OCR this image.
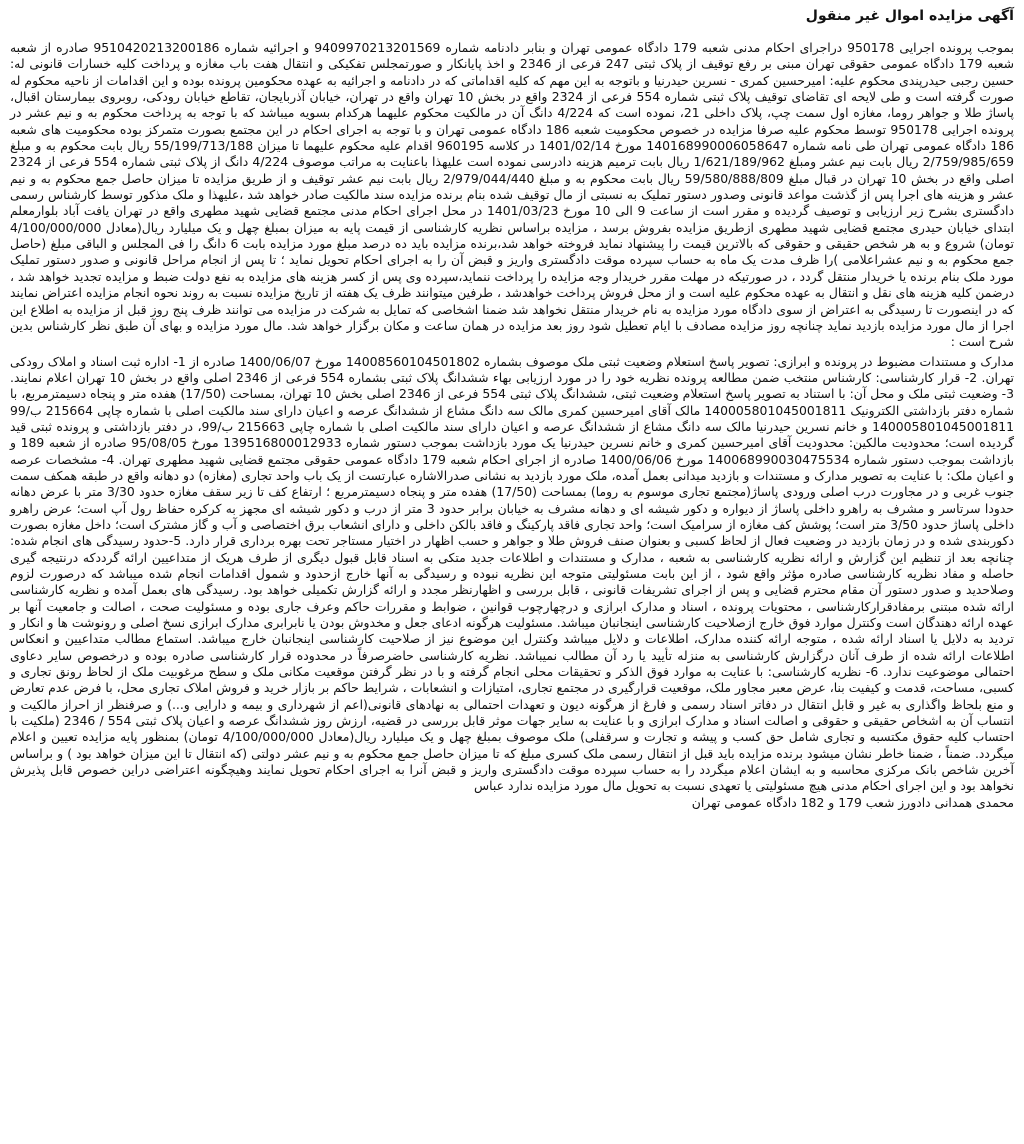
آگهی مزایده اموال غیر منقول

بموجب پرونده اجرایی 950178 دراجرای احکام مدنی شعبه 179 دادگاه عمومی تهران و بنابر دادنامه شماره 9409970213201569 و اجرائیه شماره 9510420213200186 صادره از شعبه شعبه 179 دادگاه عمومی حقوقی تهران مبنی بر رفع توقیف از پلاک ثبتی 247 فرعی از 2346 و اخذ پایانکار و صورتمجلس تفکیکی و انتقال هفت باب مغازه و پرداخت کلیه خسارات قانونی له: حسین رجبی حیدرپندی محکوم علیه: امیرحسین کمری - نسرین حیدرنیا و باتوجه به این مهم که کلیه اقداماتی که در دادنامه و اجرائیه به عهده محکومین پرونده بوده و این اقدامات از ناحیه محکوم له صورت گرفته است و طی لایحه ای تقاضای توقیف پلاک ثبتی شماره 554 فرعی از 2324 واقع در بخش 10 تهران واقع در تهران، خیابان آذربایجان، تقاطع خیابان رودکی، روبروی بیمارستان اقبال، پاساژ طلا و جواهر روما، مغازه اول سمت چپ، پلاک داخلی 21، نموده است که 4/224 دانگ آن در مالکیت محکوم علیهما هرکدام بسویه میباشد که با توجه به پرداخت محکوم به و نیم عشر در پرونده اجرایی 950178 توسط محکوم علیه صرفا مزایده در خصوص محکومیت شعبه 186 دادگاه عمومی تهران و با توجه به اجرای احکام در این مجتمع بصورت متمرکز بوده محکومیت های شعبه 186 دادگاه عمومی تهران طی نامه شماره 140168990006058647 مورخ 1401/02/14 در کلاسه 960195 اقدام علیه محکوم علیهما تا میزان 55/199/713/188 ریال بابت محکوم به و مبلغ 2/759/985/659 ریال بابت نیم عشر ومبلغ 1/621/189/962 ریال بابت ترمیم هزینه دادرسی نموده است علیهذا باعنایت به مراتب موصوف 4/224 دانگ از پلاک ثبتی شماره 554 فرعی از 2324 اصلی واقع در بخش 10 تهران در قبال مبلغ 59/580/888/809 ریال بابت محکوم به و مبلغ 2/979/044/440 ریال بابت نیم عشر توقیف و از طریق مزایده تا میزان حاصل جمع محکوم به و نیم عشر و هزینه های اجرا پس از گذشت مواعد قانونی وصدور دستور تملیک به نسبتی از مال توقیف شده بنام برنده مزایده سند مالکیت صادر خواهد شد ،علیهذا و ملک مذکور توسط کارشناس رسمی دادگستری بشرح زیر ارزیابی و توصیف گردیده و مقرر است از ساعت 9 الی 10 مورخ 1401/03/23 در محل اجرای احکام مدنی مجتمع قضایی شهید مطهری واقع در تهران یافت آباد بلوارمعلم ابتدای خیابان حیدری مجتمع قضایی شهید مطهری ازطریق مزایده بفروش برسد ، مزایده براساس نظریه کارشناسی از قیمت پایه به میزان بمبلغ چهل و یک میلیارد ریال(معادل 4/100/000/000 تومان) شروع و به هر شخص حقیقی و حقوقی که بالاترین قیمت را پیشنهاد نماید فروخته خواهد شد،برنده مزایده باید ده درصد مبلغ مورد مزایده بابت 6 دانگ را فی المجلس و الباقی مبلغ (حاصل جمع محکوم به و نیم عشراعلامی )را ظرف مدت یک ماه به حساب سپرده موقت دادگستری واریز و قبض آن را به اجرای احکام تحویل نماید ؛ تا پس از انجام مراحل قانونی و صدور دستور تملیک مورد ملک بنام برنده یا خریدار منتقل گردد ، در صورتیکه در مهلت مقرر خریدار وجه مزایده را پرداخت ننماید،سپرده وی پس از کسر هزینه های مزایده به نفع دولت ضبط و مزایده تجدید خواهد شد ، درضمن کلیه هزینه های نقل و انتقال به عهده محکوم علیه است و از محل فروش پرداخت خواهدشد ، طرفین میتوانند ظرف یک هفته از تاریخ مزایده نسبت به روند نحوه انجام مزایده اعتراض نمایند که در اینصورت تا رسیدگی به اعتراض از سوی دادگاه مورد مزایده به نام خریدار منتقل نخواهد شد ضمنا اشخاصی که تمایل به شرکت در مزایده می توانند ظرف پنج روز قبل از مزایده به اطلاع این اجرا از مال مورد مزایده بازدید نماید چنانچه روز مزایده مصادف با ایام تعطیل شود روز بعد مزایده در همان ساعت و مکان برگزار خواهد شد. مال مورد مزایده و بهای آن طبق نظر کارشناس بدین شرح است :

مدارک و مستندات مضبوط در پرونده و ابرازی: تصویر پاسخ استعلام وضعیت ثبتی ملک موصوف بشماره 14008560104501802 مورخ 1400/06/07 صادره از 1- اداره ثبت اسناد و املاک رودکی تهران. 2- قرار کارشناسی: کارشناس منتخب ضمن مطالعه پرونده نظریه خود را در مورد ارزیابی بهاء ششدانگ پلاک ثبتی بشماره 554 فرعی از 2346 اصلی واقع در بخش 10 تهران اعلام نمایند. 3- وضعیت ثبتی ملک و محل آن: با استناد به تصویر پاسخ استعلام وضعیت ثبتی، ششدانگ پلاک ثبتی 554 فرعی از 2346 اصلی بخش 10 تهران، بمساحت (17/50) هفده متر و پنجاه دسیمترمربع، با شماره دفتر بازداشتی الکترونیک 140005801045001811 مالک آقای امیرحسین کمری مالک سه دانگ مشاع از ششدانگ عرصه و اعیان دارای سند مالکیت اصلی با شماره چاپی 215664 ب/99 140005801045001811 و خانم نسرین حیدرنیا مالک سه دانگ مشاع از ششدانگ عرصه و اعیان دارای سند مالکیت اصلی با شماره چاپی 215663 ب/99، در دفتر بازداشتی و پرونده ثبتی قید گردیده است؛ محدودیت مالکین: محدودیت آقای امیرحسین کمری و خانم نسرین حیدرنیا یک مورد بازداشت بموجب دستور شماره 139516800012933 مورخ 95/08/05 صادره از شعبه 189 و بازداشت بموجب دستور شماره 140068990030475534 مورخ 1400/06/06 صادره از اجرای احکام شعبه 179 دادگاه عمومی حقوقی مجتمع قضایی شهید مطهری تهران. 4- مشخصات عرصه و اعیان ملک: با عنایت به تصویر مدارک و مستندات و بازدید میدانی بعمل آمده، ملک مورد بازدید به نشانی صدرالاشاره عبارتست از یک باب واحد تجاری (مغازه) دو دهانه واقع در طبقه همکف سمت جنوب غربی و در مجاورت درب اصلی ورودی پاساژ(مجتمع تجاری موسوم به روما) بمساحت (17/50) هفده متر و پنجاه دسیمترمربع ؛ ارتفاع کف تا زیر سقف مغازه حدود 3/30 متر با عرض دهانه حدودا سرتاسر و مشرف به راهرو داخلی پاساژ از دیواره و دکور شیشه ای و دهانه مشرف به خیابان برابر حدود 3 متر از درب و دکور شیشه ای مجهز به کرکره حفاظ رول آپ است؛ عرض راهرو داخلی پاساژ حدود 3/50 متر است؛ پوشش کف مغازه از سرامیک است؛ واحد تجاری فاقد پارکینگ و فاقد بالکن داخلی و دارای انشعاب برق اختصاصی و آب و گاز مشترک است؛ داخل مغازه بصورت دکوربندی شده و در زمان بازدید در وضعیت فعال از لحاظ کسبی و بعنوان صنف فروش طلا و جواهر و حسب اظهار در اختیار مستاجر تحت بهره برداری قرار دارد. 5-حدود رسیدگی های انجام شده: چنانچه بعد از تنظیم این گزارش و ارائه نظریه کارشناسی به شعبه ، مدارک و مستندات و اطلاعات جدید متکی به اسناد قابل قبول دیگری از طرف هریک از متداعیین ارائه گرددکه درنتیجه گیری حاصله و مفاد نظریه کارشناسی صادره مؤثر واقع شود ، از این بابت مسئولیتی متوجه این نظریه نبوده و رسیدگی به آنها خارج ازحدود و شمول اقدامات انجام شده میباشد که درصورت لزوم وصلاحدید و صدور دستور آن مقام محترم قضایی و پس از اجرای تشریفات قانونی ، قابل بررسی و اظهارنظر مجدد و ارائه گزارش تکمیلی خواهد بود. رسیدگی های بعمل آمده و نظریه کارشناسی ارائه شده مبتنی برمفادقرارکارشناسی ، محتویات پرونده ، اسناد و مدارک ابرازی و درچهارچوب قوانین ، ضوابط و مقررات حاکم وعرف جاری بوده و مسئولیت صحت ، اصالت و جامعیت آنها بر عهده ارائه دهندگان است وکنترل موارد فوق خارج ازصلاحیت کارشناسی اینجانبان میباشد. مسئولیت هرگونه ادعای جعل و مخدوش بودن یا نابرابری مدارک ابرازی نسخ اصلی و رونوشت ها و انکار و تردید به دلایل یا اسناد ارائه شده ، متوجه ارائه کننده مدارک، اطلاعات و دلایل میباشد وکنترل این موضوع نیز از صلاحیت کارشناسی اینجانبان خارج میباشد. استماع مطالب متداعیین و انعکاس اطلاعات ارائه شده از طرف آنان درگزارش کارشناسی به منزله تأیید یا رد آن مطالب نمیباشد. نظریه کارشناسی حاضرصرفاً در محدوده قرار کارشناسی صادره بوده و درخصوص سایر دعاوی احتمالی موضوعیت ندارد. 6- نظریه کارشناسی: با عنایت به موارد فوق الذکر و تحقیقات محلی انجام گرفته و با در نظر گرفتن موقعیت مکانی ملک و سطح مرغوبیت ملک از لحاظ رونق تجاری و کسبی، مساحت، قدمت و کیفیت بنا، عرض معبر مجاور ملک، موقعیت قرارگیری در مجتمع تجاری، امتیازات و انشعابات ، شرایط حاکم بر بازار خرید و فروش املاک تجاری محل، با فرض عدم تعارض و منع بلحاظ واگذاری به غیر و قابل انتقال در دفاتر اسناد رسمی و فارغ از هرگونه دیون و تعهدات احتمالی به نهادهای قانونی(اعم از شهرداری و بیمه و دارایی و...) و صرفنظر از احراز مالکیت و انتساب آن به اشخاص حقیقی و حقوقی و اصالت اسناد و مدارک ابرازی و با عنایت به سایر جهات موثر قابل بررسی در قضیه، ارزش روز ششدانگ عرصه و اعیان پلاک ثبتی 554 / 2346 (ملکیت با احتساب کلیه حقوق مکتسبه و تجاری شامل حق کسب و پیشه و تجارت و سرقفلی) ملک موصوف بمبلغ چهل و یک میلیارد ریال(معادل 4/100/000/000 تومان) بمنظور پایه مزایده تعیین و اعلام میگردد. ضمناً ، ضمنا خاطر نشان میشود برنده مزایده باید قبل از انتقال رسمی ملک کسری مبلغ که تا میزان حاصل جمع محکوم به و نیم عشر دولتی (که انتقال تا این میزان خواهد بود ) و براساس آخرین شاخص بانک مرکزی محاسبه و به ایشان اعلام میگردد را به حساب سپرده موقت دادگستری واریز و قبض آنرا به اجرای احکام تحویل نمایند وهیچگونه اعتراضی دراین خصوص قابل پذیرش نخواهد بود و این اجرای احکام مدنی هیچ مسئولیتی یا تعهدی نسبت به تحویل مال مورد مزایده ندارد عباس

محمدی همدانی دادورز شعب 179 و 182 دادگاه عمومی تهران
